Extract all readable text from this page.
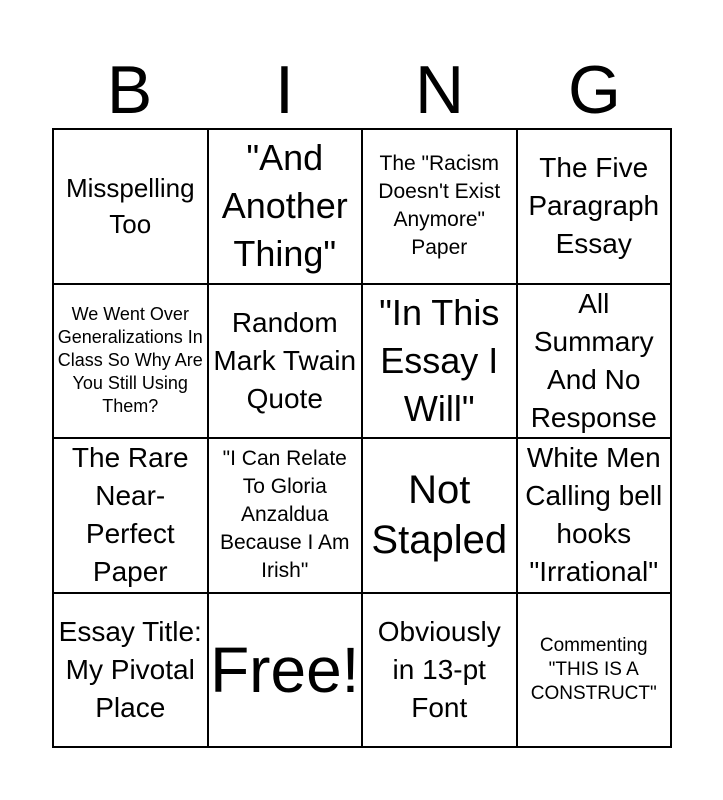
B	I	N	G
Misspelling Too
"And Another Thing"
The "Racism Doesn't Exist Anymore" Paper
The Five Paragraph Essay
We Went Over Generalizations In Class So Why Are You Still Using Them?
Random Mark Twain Quote
"In This Essay I Will"
All Summary And No Response
The Rare Near-Perfect Paper
"I Can Relate To Gloria Anzaldua Because I Am Irish"
Not Stapled
White Men Calling bell hooks "Irrational"
Essay Title: My Pivotal Place
Free!
Obviously in 13-pt Font
Commenting "THIS IS A CONSTRUCT"
